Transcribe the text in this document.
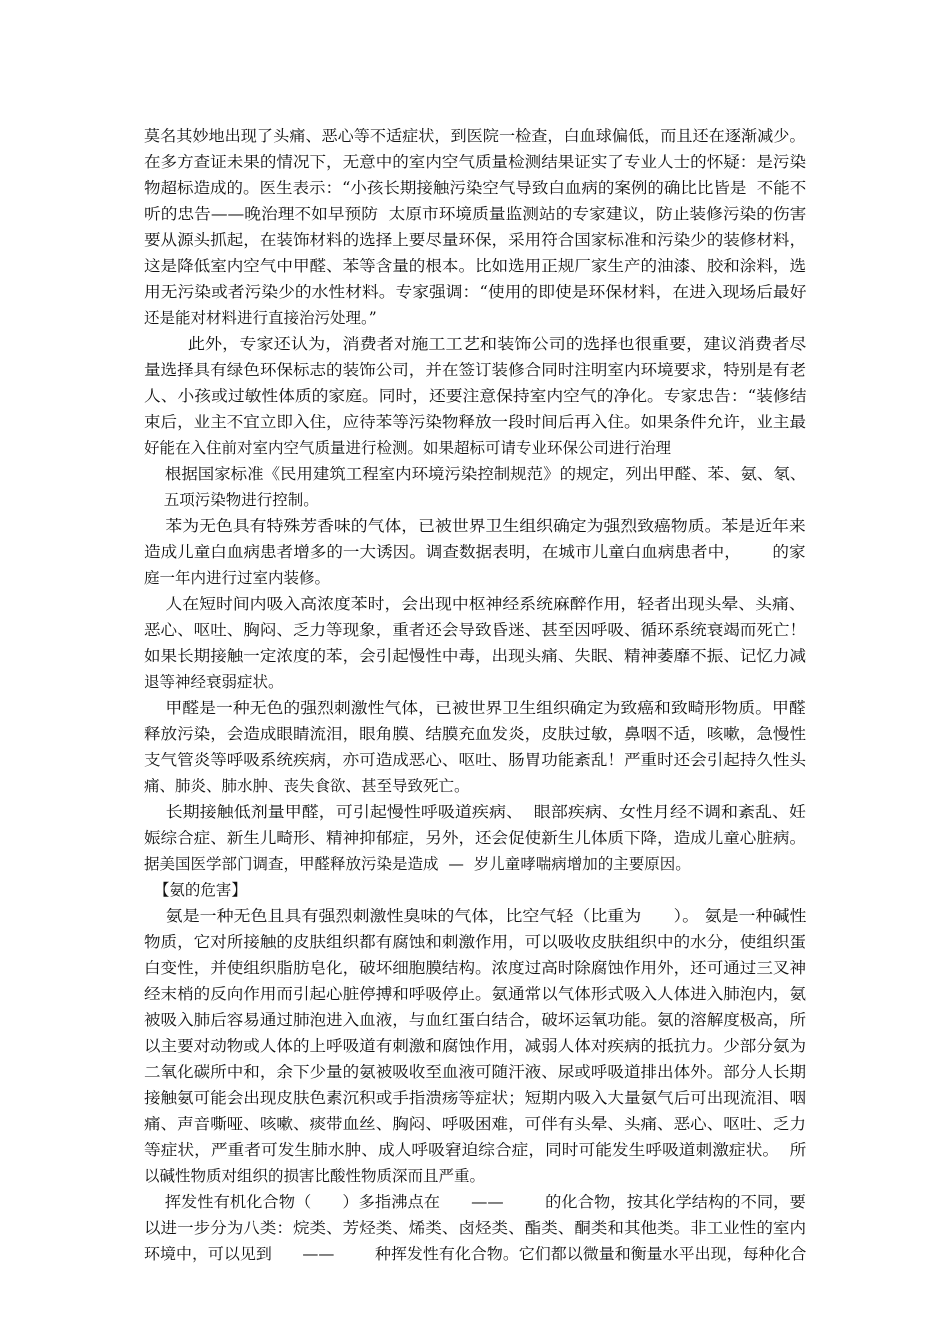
莫名其妙地出现了头痛、恶心等不适症状，到医院一检查，白血球偏低，而且还在逐渐减少。
在多方查证未果的情况下，无意中的室内空气质量检测结果证实了专业人士的怀疑：是污染
物超标造成的。医生表示：“小孩长期接触污染空气导致白血病的案例的确比比皆是  不能不
听的忠告——晚治理不如早预防  太原市环境质量监测站的专家建议，防止装修污染的伤害
要从源头抓起，在装饰材料的选择上要尽量环保，采用符合国家标准和污染少的装修材料，
这是降低室内空气中甲醛、苯等含量的根本。比如选用正规厂家生产的油漆、胶和涂料，选
用无污染或者污染少的水性材料。专家强调：“使用的即使是环保材料，在进入现场后最好
还是能对材料进行直接治污处理。”
此外，专家还认为，消费者对施工工艺和装饰公司的选择也很重要，建议消费者尽
量选择具有绿色环保标志的装饰公司，并在签订装修合同时注明室内环境要求，特别是有老
人、小孩或过敏性体质的家庭。同时，还要注意保持室内空气的净化。专家忠告：“装修结
束后，业主不宜立即入住，应待苯等污染物释放一段时间后再入住。如果条件允许，业主最
好能在入住前对室内空气质量进行检测。如果超标可请专业环保公司进行治理
根据国家标准《民用建筑工程室内环境污染控制规范》的规定，列出甲醛、苯、氨、氡、
五项污染物进行控制。
苯为无色具有特殊芳香味的气体，已被世界卫生组织确定为强烈致癌物质。苯是近年来
造成儿童白血病患者增多的一大诱因。调查数据表明，在城市儿童白血病患者中，      的家
庭一年内进行过室内装修。
人在短时间内吸入高浓度苯时，会出现中枢神经系统麻醉作用，轻者出现头晕、头痛、
恶心、呕吐、胸闷、乏力等现象，重者还会导致昏迷、甚至因呼吸、循环系统衰竭而死亡！
如果长期接触一定浓度的苯，会引起慢性中毒，出现头痛、失眠、精神萎靡不振、记忆力减
退等神经衰弱症状。
甲醛是一种无色的强烈刺激性气体，已被世界卫生组织确定为致癌和致畸形物质。甲醛
释放污染，会造成眼睛流泪，眼角膜、结膜充血发炎，皮肤过敏，鼻咽不适，咳嗽，急慢性
支气管炎等呼吸系统疾病，亦可造成恶心、呕吐、肠胃功能紊乱！严重时还会引起持久性头
痛、肺炎、肺水肿、丧失食欲、甚至导致死亡。
长期接触低剂量甲醛，可引起慢性呼吸道疾病、  眼部疾病、女性月经不调和紊乱、妊
娠综合症、新生儿畸形、精神抑郁症，另外，还会促使新生儿体质下降，造成儿童心脏病。
据美国医学部门调查，甲醛释放污染是造成  —  岁儿童哮喘病增加的主要原因。
【氨的危害】
氨是一种无色且具有强烈刺激性臭味的气体，比空气轻（比重为      ）。 氨是一种碱性
物质，它对所接触的皮肤组织都有腐蚀和刺激作用，可以吸收皮肤组织中的水分，使组织蛋
白变性，并使组织脂肪皂化，破坏细胞膜结构。浓度过高时除腐蚀作用外，还可通过三叉神
经末梢的反向作用而引起心脏停搏和呼吸停止。氨通常以气体形式吸入人体进入肺泡内，氨
被吸入肺后容易通过肺泡进入血液，与血红蛋白结合，破坏运氧功能。氨的溶解度极高，所
以主要对动物或人体的上呼吸道有刺激和腐蚀作用，减弱人体对疾病的抵抗力。少部分氨为
二氧化碳所中和，余下少量的氨被吸收至血液可随汗液、尿或呼吸道排出体外。部分人长期
接触氨可能会出现皮肤色素沉积或手指溃疡等症状；短期内吸入大量氨气后可出现流泪、咽
痛、声音嘶哑、咳嗽、痰带血丝、胸闷、呼吸困难，可伴有头晕、头痛、恶心、呕吐、乏力
等症状，严重者可发生肺水肿、成人呼吸窘迫综合症，同时可能发生呼吸道刺激症状。  所
以碱性物质对组织的损害比酸性物质深而且严重。
挥发性有机化合物（      ）多指沸点在      ——        的化合物，按其化学结构的不同，要
以进一步分为八类：烷类、芳烃类、烯类、卤烃类、酯类、酮类和其他类。非工业性的室内
环境中，可以见到      ——        种挥发性有化合物。它们都以微量和衡量水平出现，每种化合
